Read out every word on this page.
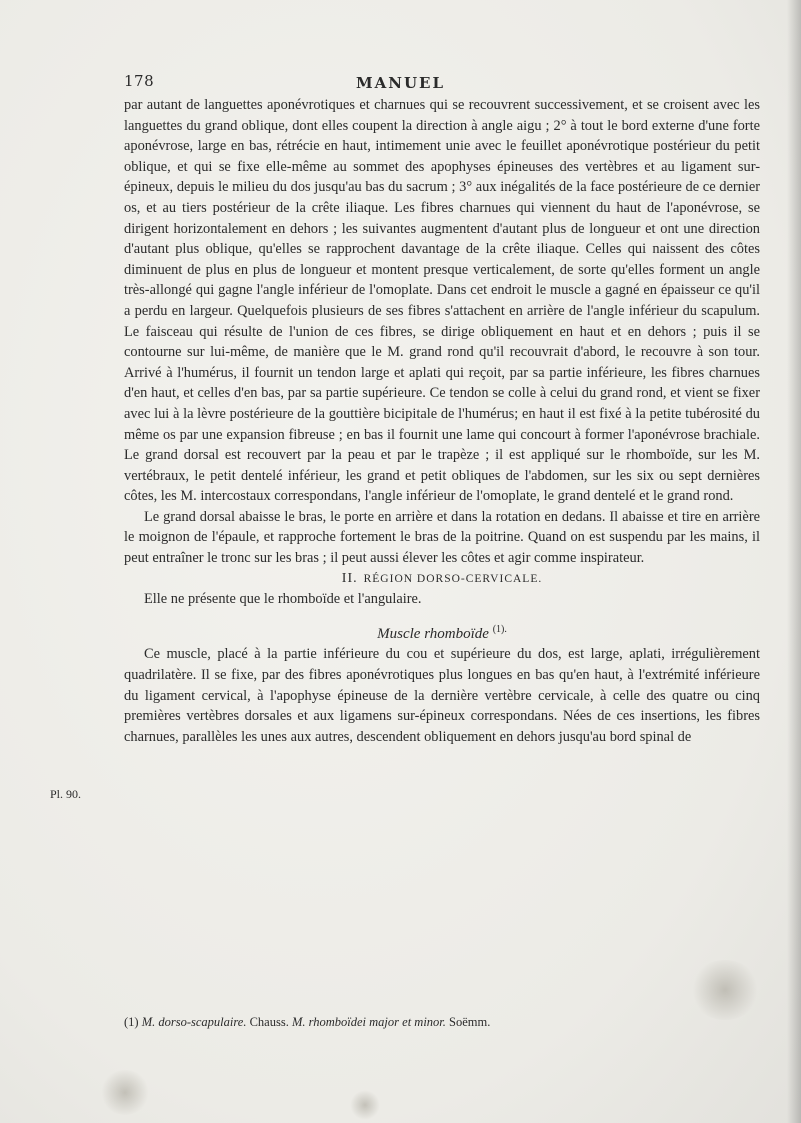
178	MANUEL

par autant de languettes aponévrotiques et charnues qui se recouvrent successivement, et se croisent avec les languettes du grand oblique, dont elles coupent la direction à angle aigu ; 2° à tout le bord externe d'une forte aponévrose, large en bas, rétrécie en haut, intimement unie avec le feuillet aponévrotique postérieur du petit oblique, et qui se fixe elle-même au sommet des apophyses épineuses des vertèbres et au ligament sur-épineux, depuis le milieu du dos jusqu'au bas du sacrum ; 3° aux inégalités de la face postérieure de ce dernier os, et au tiers postérieur de la crête iliaque. Les fibres charnues qui viennent du haut de l'aponévrose, se dirigent horizontalement en dehors ; les suivantes augmentent d'autant plus de longueur et ont une direction d'autant plus oblique, qu'elles se rapprochent davantage de la crête iliaque. Celles qui naissent des côtes diminuent de plus en plus de longueur et montent presque verticalement, de sorte qu'elles forment un angle très-allongé qui gagne l'angle inférieur de l'omoplate. Dans cet endroit le muscle a gagné en épaisseur ce qu'il a perdu en largeur. Quelquefois plusieurs de ses fibres s'attachent en arrière de l'angle inférieur du scapulum. Le faisceau qui résulte de l'union de ces fibres, se dirige obliquement en haut et en dehors ; puis il se contourne sur lui-même, de manière que le M. grand rond qu'il recouvrait d'abord, le recouvre à son tour. Arrivé à l'humérus, il fournit un tendon large et aplati qui reçoit, par sa partie inférieure, les fibres charnues d'en haut, et celles d'en bas, par sa partie supérieure. Ce tendon se colle à celui du grand rond, et vient se fixer avec lui à la lèvre postérieure de la gouttière bicipitale de l'humérus; en haut il est fixé à la petite tubérosité du même os par une expansion fibreuse ; en bas il fournit une lame qui concourt à former l'aponévrose brachiale. Le grand dorsal est recouvert par la peau et par le trapèze ; il est appliqué sur le rhomboïde, sur les M. vertébraux, le petit dentelé inférieur, les grand et petit obliques de l'abdomen, sur les six ou sept dernières côtes, les M. intercostaux correspondans, l'angle inférieur de l'omoplate, le grand dentelé et le grand rond.

Le grand dorsal abaisse le bras, le porte en arrière et dans la rotation en dedans. Il abaisse et tire en arrière le moignon de l'épaule, et rapproche fortement le bras de la poitrine. Quand on est suspendu par les mains, il peut entraîner le tronc sur les bras ; il peut aussi élever les côtes et agir comme inspirateur.

II. RÉGION DORSO-CERVICALE.

Elle ne présente que le rhomboïde et l'angulaire.

Muscle rhomboïde $^{(1).}$

Ce muscle, placé à la partie inférieure du cou et supérieure du dos, est large, aplati, irrégulièrement quadrilatère. Il se fixe, par des fibres aponévrotiques plus longues en bas qu'en haut, à l'extrémité inférieure du ligament cervical, à l'apophyse épineuse de la dernière vertèbre cervicale, à celle des quatre ou cinq premières vertèbres dorsales et aux ligamens sur-épineux correspondans. Nées de ces insertions, les fibres charnues, parallèles les unes aux autres, descendent obliquement en dehors jusqu'au bord spinal de

Pl. 90.
(1) M. dorso-scapulaire. Chauss. M. rhomboïdei major et minor. Soëmm.
